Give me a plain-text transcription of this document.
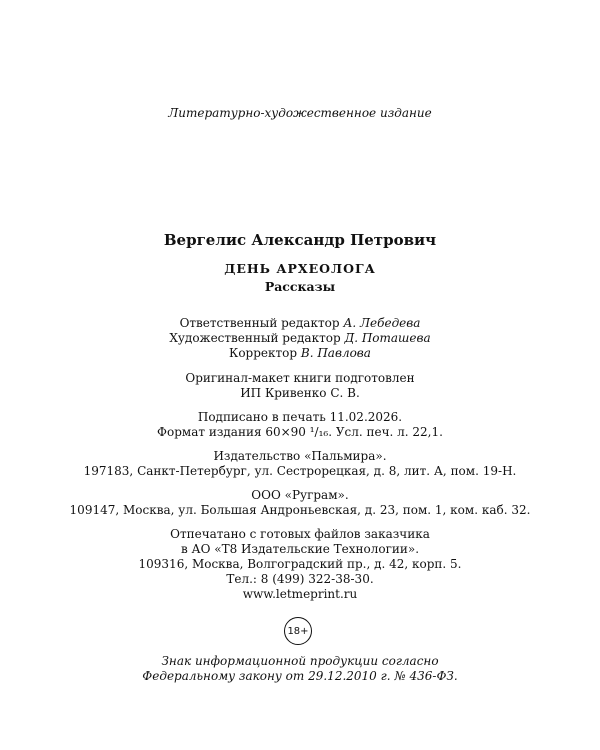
Литературно-художественное издание
Вергелис Александр Петрович
ДЕНЬ АРХЕОЛОГА
Рассказы
Ответственный редактор А. Лебедева
Художественный редактор Д. Поташева
Корректор В. Павлова
Оригинал-макет книги подготовлен
ИП Кривенко С. В.
Подписано в печать 11.02.2026.
Формат издания 60×90 ¹/₁₆. Усл. печ. л. 22,1.
Издательство «Пальмира».
197183, Санкт-Петербург, ул. Сестрорецкая, д. 8, лит. А, пом. 19-Н.
ООО «Руграм».
109147, Москва, ул. Большая Андроньевская, д. 23, пом. 1, ком. каб. 32.
Отпечатано с готовых файлов заказчика
в АО «Т8 Издательские Технологии».
109316, Москва, Волгоградский пр., д. 42, корп. 5.
Тел.: 8 (499) 322-38-30.
www.letmeprint.ru
18+
Знак информационной продукции согласно
Федеральному закону от 29.12.2010 г. № 436-ФЗ.
